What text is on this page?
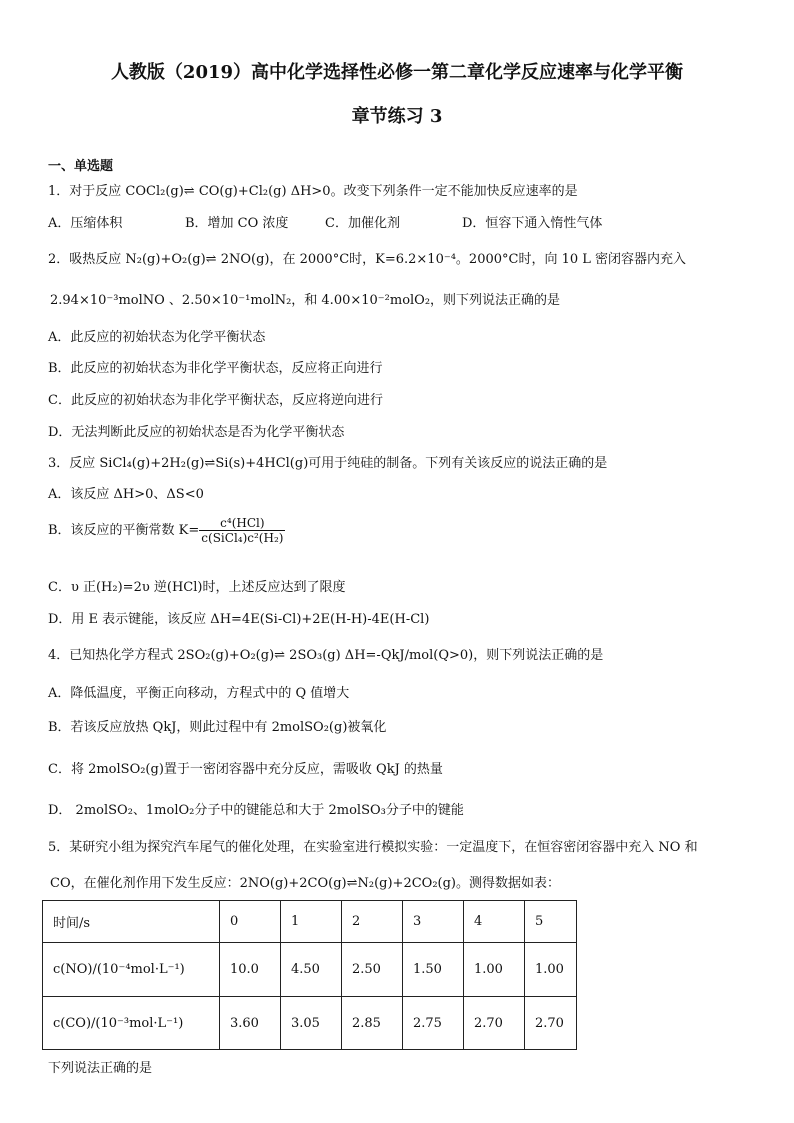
人教版（2019）高中化学选择性必修一第二章化学反应速率与化学平衡
章节练习 3
一、单选题
1．对于反应 COCl₂(g)⇌ CO(g)+Cl₂(g) ΔH>0。改变下列条件一定不能加快反应速率的是
A．压缩体积	B．增加 CO 浓度	C．加催化剂	D．恒容下通入惰性气体
2．吸热反应 N₂(g)+O₂(g)⇌ 2NO(g)，在 2000°C时，K=6.2×10⁻⁴。2000°C时，向 10 L 密闭容器内充入
2.94×10⁻³molNO 、2.50×10⁻¹molN₂，和 4.00×10⁻²molO₂，则下列说法正确的是
A．此反应的初始状态为化学平衡状态
B．此反应的初始状态为非化学平衡状态，反应将正向进行
C．此反应的初始状态为非化学平衡状态，反应将逆向进行
D．无法判断此反应的初始状态是否为化学平衡状态
3．反应 SiCl₄(g)+2H₂(g)⇌Si(s)+4HCl(g)可用于纯硅的制备。下列有关该反应的说法正确的是
A．该反应 ΔH>0、ΔS<0
B．该反应的平衡常数 $K= \frac{\text{c⁴(HCl)}}{\text{c(SiCl₄)c²(H₂)}}$
C．υ 正(H₂)=2υ 逆(HCl)时，上述反应达到了限度
D．用 E 表示键能，该反应 ΔH=4E(Si-Cl)+2E(H-H)-4E(H-Cl)
4．已知热化学方程式 2SO₂(g)+O₂(g)⇌ 2SO₃(g) ΔH=-QkJ/mol(Q>0)，则下列说法正确的是
A．降低温度，平衡正向移动，方程式中的 Q 值增大
B．若该反应放热 QkJ，则此过程中有 2molSO₂(g)被氧化
C．将 2molSO₂(g)置于一密闭容器中充分反应，需吸收 QkJ 的热量
D． 2molSO₂、1molO₂分子中的键能总和大于 2molSO₃分子中的键能
5．某研究小组为探究汽车尾气的催化处理，在实验室进行模拟实验：一定温度下，在恒容密闭容器中充入 NO 和
CO，在催化剂作用下发生反应：2NO(g)+2CO(g)⇌N₂(g)+2CO₂(g)。测得数据如表：
时间/s	0	1	2	3	4	5
c(NO)/(10⁻⁴mol·L⁻¹)	10.0	4.50	2.50	1.50	1.00	1.00
c(CO)/(10⁻³mol·L⁻¹)	3.60	3.05	2.85	2.75	2.70	2.70
下列说法正确的是
